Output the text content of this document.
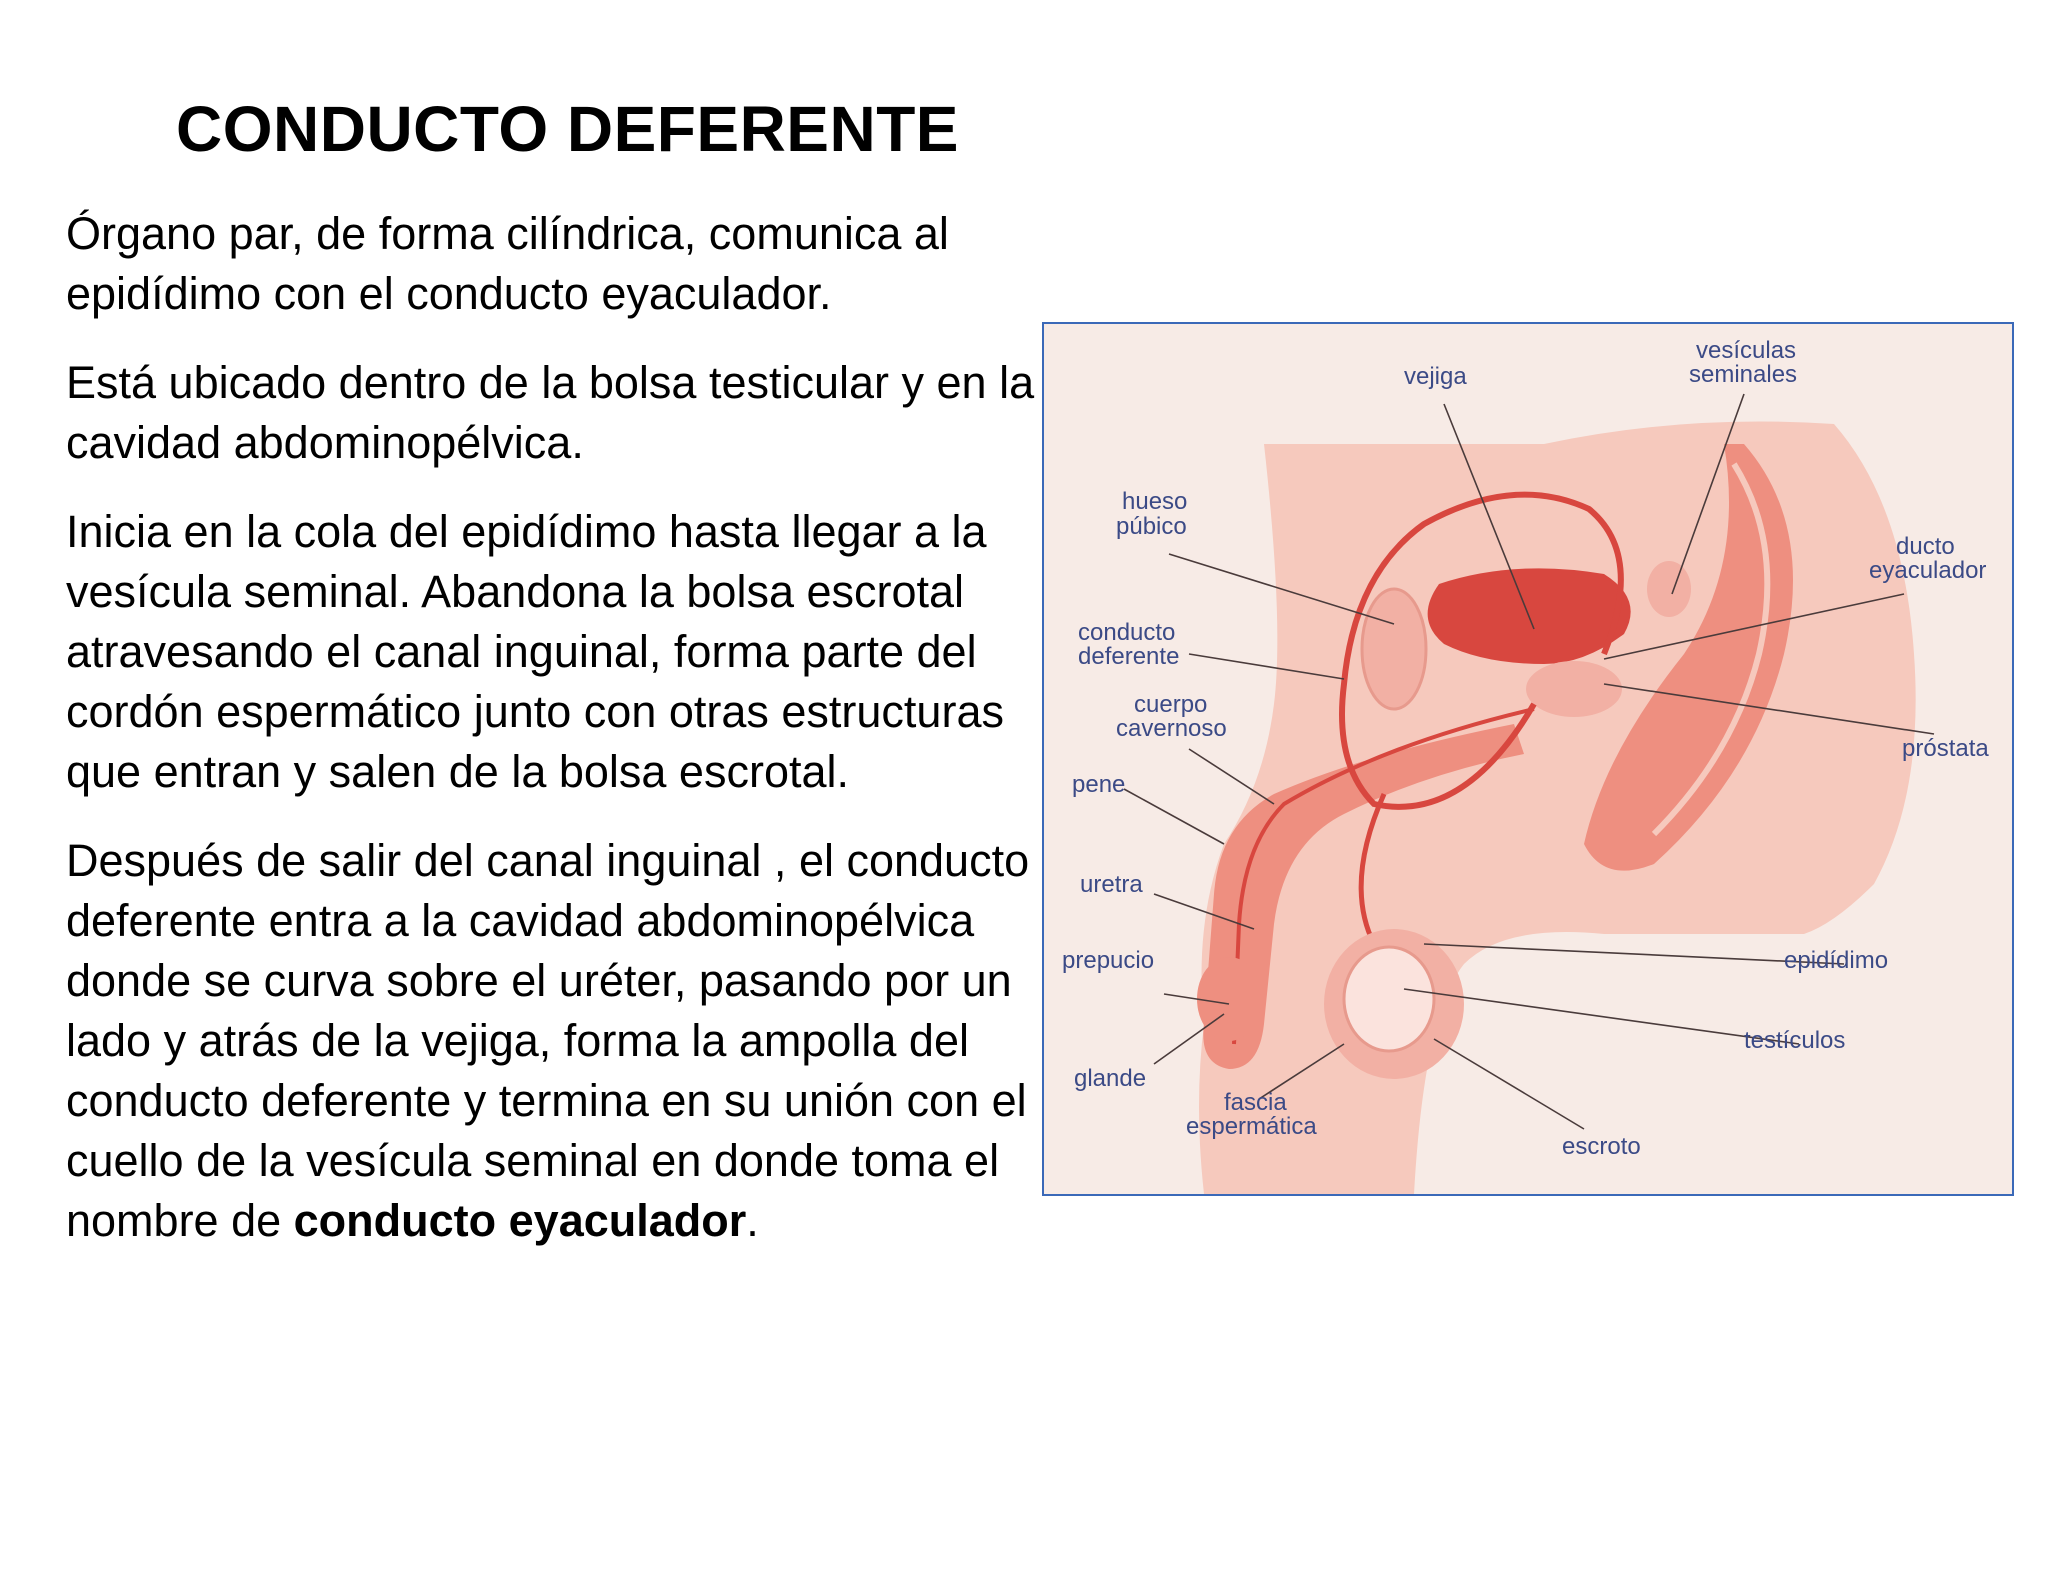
CONDUCTO DEFERENTE

Órgano par, de forma cilíndrica, comunica al epidídimo con el conducto eyaculador.

Está ubicado dentro de la bolsa testicular y en la cavidad abdominopélvica.

Inicia en la cola del epidídimo hasta llegar a la vesícula seminal. Abandona la bolsa escrotal atravesando el canal inguinal, forma parte del cordón espermático junto con otras estructuras que entran y salen de la bolsa escrotal.

Después de salir del canal inguinal , el conducto deferente entra a la cavidad abdominopélvica donde se curva sobre el uréter, pasando por un lado y atrás de la vejiga, forma la ampolla del conducto deferente y termina en su unión con el cuello de la vesícula seminal en donde toma el nombre de conducto eyaculador.

vejiga
vesículas
seminales
hueso
púbico
ducto
eyaculador
conducto
deferente
cuerpo
cavernoso
próstata
pene
uretra
prepucio	epidídimo
testículos
glande
fascia
espermática
escroto
